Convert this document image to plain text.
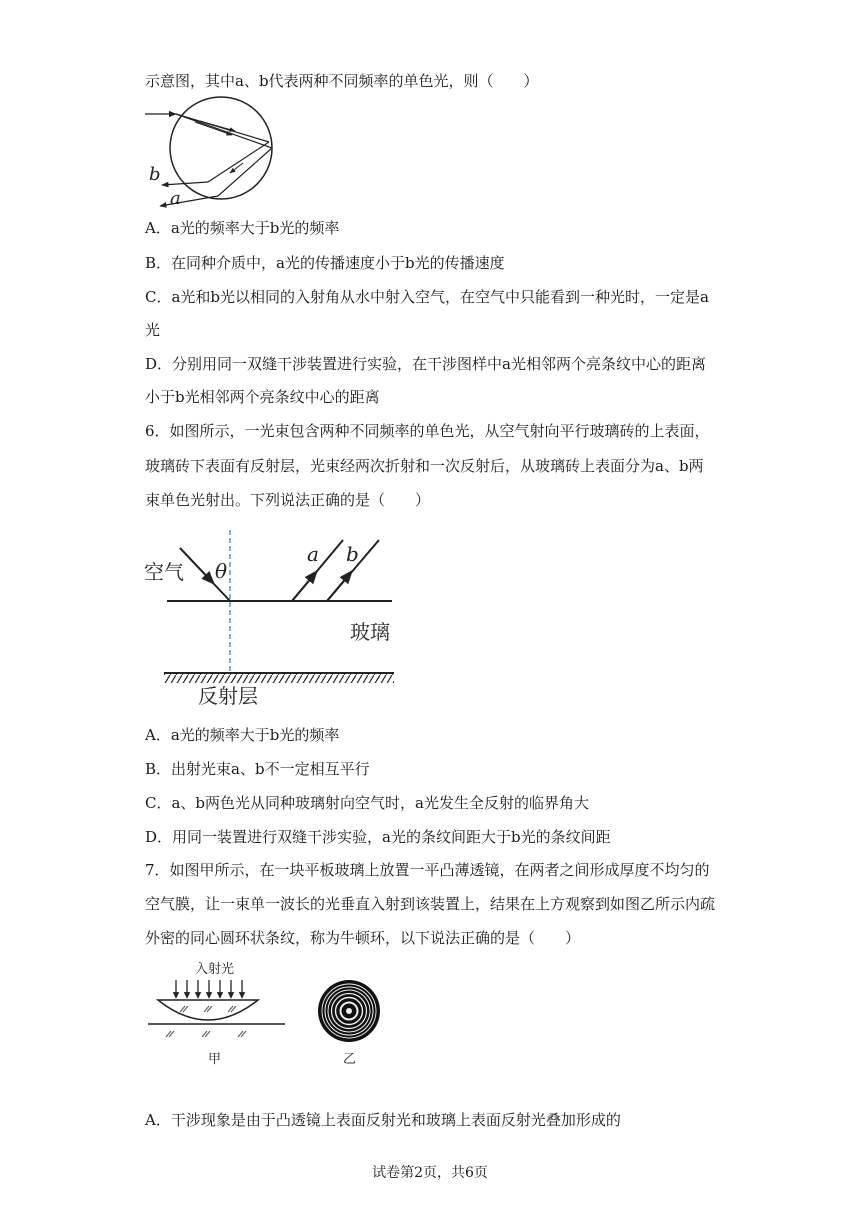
示意图，其中a、b代表两种不同频率的单色光，则（　　）
b
a
A．a光的频率大于b光的频率
B．在同种介质中，a光的传播速度小于b光的传播速度
C．a光和b光以相同的入射角从水中射入空气，在空气中只能看到一种光时，一定是a
光
D．分别用同一双缝干涉装置进行实验，在干涉图样中a光相邻两个亮条纹中心的距离
小于b光相邻两个亮条纹中心的距离
6．如图所示，一光束包含两种不同频率的单色光，从空气射向平行玻璃砖的上表面，
玻璃砖下表面有反射层，光束经两次折射和一次反射后，从玻璃砖上表面分为a、b两
束单色光射出。下列说法正确的是（　　）
空气 θ
a b
玻璃
反射层
A．a光的频率大于b光的频率
B．出射光束a、b不一定相互平行
C．a、b两色光从同种玻璃射向空气时，a光发生全反射的临界角大
D．用同一装置进行双缝干涉实验，a光的条纹间距大于b光的条纹间距
7．如图甲所示，在一块平板玻璃上放置一平凸薄透镜，在两者之间形成厚度不均匀的
空气膜，让一束单一波长的光垂直入射到该装置上，结果在上方观察到如图乙所示内疏
外密的同心圆环状条纹，称为牛顿环，以下说法正确的是（　　）
入射光
甲	乙
A．干涉现象是由于凸透镜上表面反射光和玻璃上表面反射光叠加形成的
试卷第2页，共6页
